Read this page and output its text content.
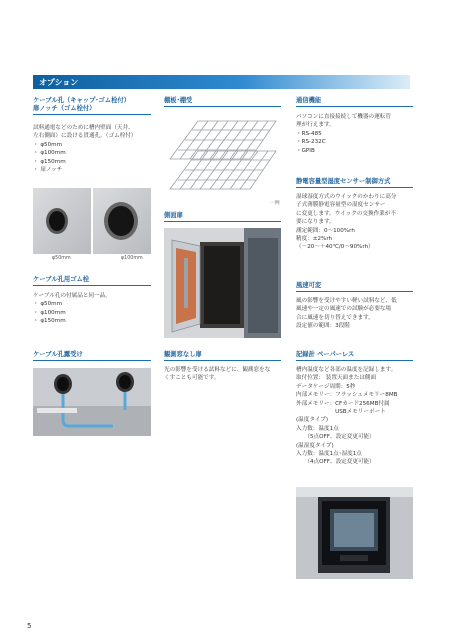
オプション
ケーブル孔（キャップ･ゴム栓付）
扉ノッチ（ゴム栓付）
試料通電などのために槽内壁面（天井、
左右側面）に設ける貫通孔。（ゴム栓付）
・ φ50mm
・ φ100mm
・ φ150mm
・ 扉ノッチ
φ50mm	φ100mm
ケーブル孔用ゴム栓
ケーブル孔の付属品と同一品。
・ φ50mm
・ φ100mm
・ φ150mm
ケーブル孔露受け
棚板･棚受
一例
側面扉
観測窓なし扉
光の影響を受ける試料などに、観測窓をな
くすことも可能です。
通信機能
パソコンに直接接続して機器の運転管
理が行えます。
・RS-485
・RS-232C
・GPIB
静電容量型湿度センサー制御方式
湿球湿度方式のウイックのかわりに高分
子式薄膜静電容量型の湿度センサー
に変更します。ウイックの交換作業が不
要になります。
測定範囲：0～100%rh
精度：±2%rh
（－20～＋40℃/0～90%rh）
風速可変
風の影響を受けやすい軽い試料など、低
風速や一定の風速での試験が必要な場
合に風速を切り替えできます。
設定値の範囲：3段階
記録計 ペーパーレス
槽内温度など各部の温度を記録します。
取付位置： 装置天面または側面
データケージ周期：5秒
内部メモリー：フラッシュメモリー8MB
外部メモリー：CFカード256MB付属
　　　　　　　USBメモリーポート
(温度タイプ)
入力数：温度1点
　　（5点OFF、設定変更可能）
(温湿度タイプ)
入力数：温度1点･湿度1点
　　（4点OFF、設定変更可能）
5
